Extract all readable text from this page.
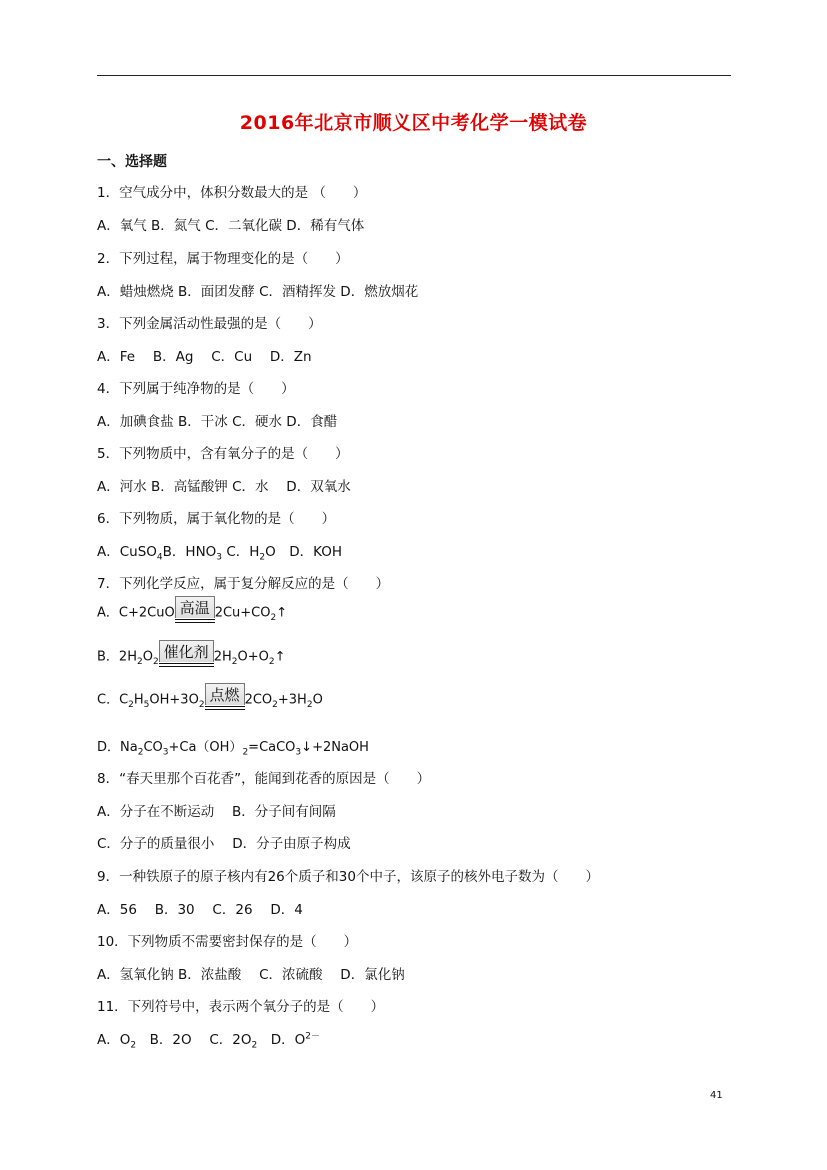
2016年北京市顺义区中考化学一模试卷
一、选择题
1．空气成分中，体积分数最大的是 （　　）
A．氧气 B．氮气 C．二氧化碳 D．稀有气体
2．下列过程，属于物理变化的是（　　）
A．蜡烛燃烧 B．面团发酵 C．酒精挥发 D．燃放烟花
3．下列金属活动性最强的是（　　）
A．Fe　 B．Ag　 C．Cu　 D．Zn
4．下列属于纯净物的是（　　）
A．加碘食盐 B．干冰 C．硬水 D．食醋
5．下列物质中，含有氧分子的是（　　）
A．河水 B．高锰酸钾 C．水　 D．双氧水
6．下列物质，属于氧化物的是（　　）
A．CuSO$_4$B．$HNO_3$ C．$H_2O$　D．KOH
7．下列化学反应，属于复分解反应的是（　　）
A．C+2CuO 高温 $2Cu+CO_2↑$
B．$2H_2O_2$催化剂 $2H_2O+O_2↑$
C．$C_2H_5OH+3O_2$点燃 $2CO_2+3H_2O$
D．$Na_2CO_3+Ca(OH)_2=CaCO_3↓+2NaOH$
8．“春天里那个百花香”，能闻到花香的原因是（　　）
A．分子在不断运动　 B．分子间有间隔
C．分子的质量很小　 D．分子由原子构成
9．一种铁原子的原子核内有26个质子和30个中子，该原子的核外电子数为（　　）
A．56　 B．30　 C．26　 D．4
10．下列物质不需要密封保存的是（　　）
A．氢氧化钠 B．浓盐酸　 C．浓硫酸　 D．氯化钠
11．下列符号中，表示两个氧分子的是（　　）
A．$O_2$　B．2O　 C．$2O_2$　D．$O^{2-}$
41
